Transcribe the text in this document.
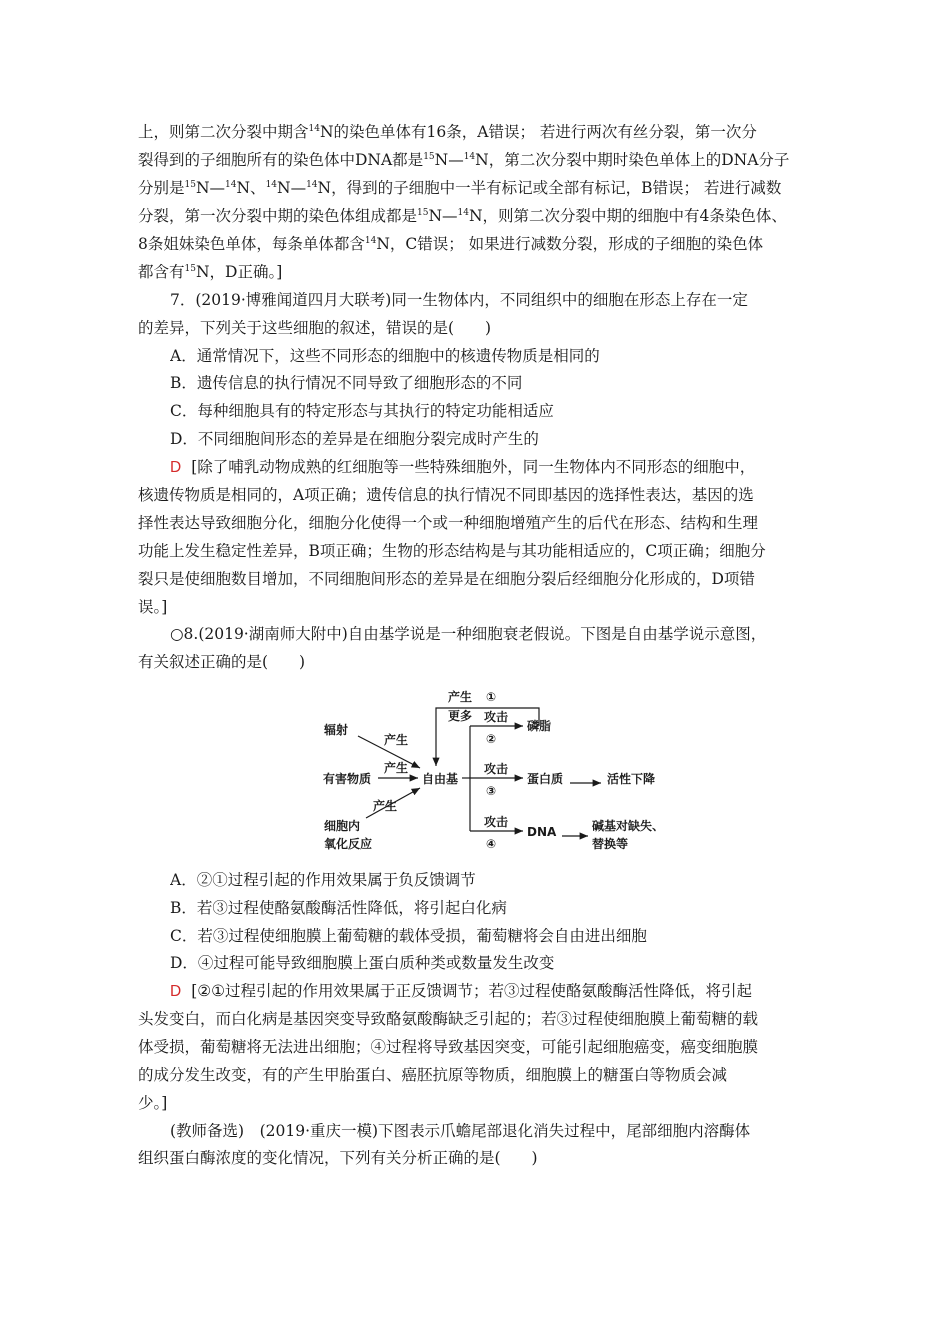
上，则第二次分裂中期含$^{14}$N的染色单体有16条，A错误； 若进行两次有丝分裂，第一次分
裂得到的子细胞所有的染色体中DNA都是$^{15}$N—$^{14}$N，第二次分裂中期时染色单体上的DNA分子
分别是$^{15}$N—$^{14}$N、$^{14}$N—$^{14}$N，得到的子细胞中一半有标记或全部有标记，B错误； 若进行减数
分裂，第一次分裂中期的染色体组成都是$^{15}$N—$^{14}$N，则第二次分裂中期的细胞中有4条染色体、
8条姐妹染色单体，每条单体都含$^{14}$N，C错误； 如果进行减数分裂，形成的子细胞的染色体
都含有$^{15}$N，D正确。]
7．(2019·博雅闻道四月大联考)同一生物体内，不同组织中的细胞在形态上存在一定
的差异，下列关于这些细胞的叙述，错误的是(　　)
A．通常情况下，这些不同形态的细胞中的核遗传物质是相同的
B．遗传信息的执行情况不同导致了细胞形态的不同
C．每种细胞具有的特定形态与其执行的特定功能相适应
D．不同细胞间形态的差异是在细胞分裂完成时产生的
D [除了哺乳动物成熟的红细胞等一些特殊细胞外，同一生物体内不同形态的细胞中，
核遗传物质是相同的，A项正确；遗传信息的执行情况不同即基因的选择性表达，基因的选
择性表达导致细胞分化，细胞分化使得一个或一种细胞增殖产生的后代在形态、结构和生理
功能上发生稳定性差异，B项正确；生物的形态结构是与其功能相适应的，C项正确；细胞分
裂只是使细胞数目增加，不同细胞间形态的差异是在细胞分裂后经细胞分化形成的，D项错
误。]
○8.(2019·湖南师大附中)自由基学说是一种细胞衰老假说。下图是自由基学说示意图，
有关叙述正确的是(　　)
辐射
有害物质
细胞内
氧化反应
产生
产生
产生
自由基
产生 ①
更多 攻击
②
磷脂
攻击
③
蛋白质	活性下降
攻击
④
DNA	碱基对缺失、
替换等
A．②①过程引起的作用效果属于负反馈调节
B．若③过程使酪氨酸酶活性降低，将引起白化病
C．若③过程使细胞膜上葡萄糖的载体受损，葡萄糖将会自由进出细胞
D．④过程可能导致细胞膜上蛋白质种类或数量发生改变
D [②①过程引起的作用效果属于正反馈调节；若③过程使酪氨酸酶活性降低，将引起
头发变白，而白化病是基因突变导致酪氨酸酶缺乏引起的；若③过程使细胞膜上葡萄糖的载
体受损，葡萄糖将无法进出细胞；④过程将导致基因突变，可能引起细胞癌变，癌变细胞膜
的成分发生改变，有的产生甲胎蛋白、癌胚抗原等物质，细胞膜上的糖蛋白等物质会减
少。]
(教师备选)　(2019·重庆一模)下图表示爪蟾尾部退化消失过程中，尾部细胞内溶酶体
组织蛋白酶浓度的变化情况，下列有关分析正确的是(　　)
